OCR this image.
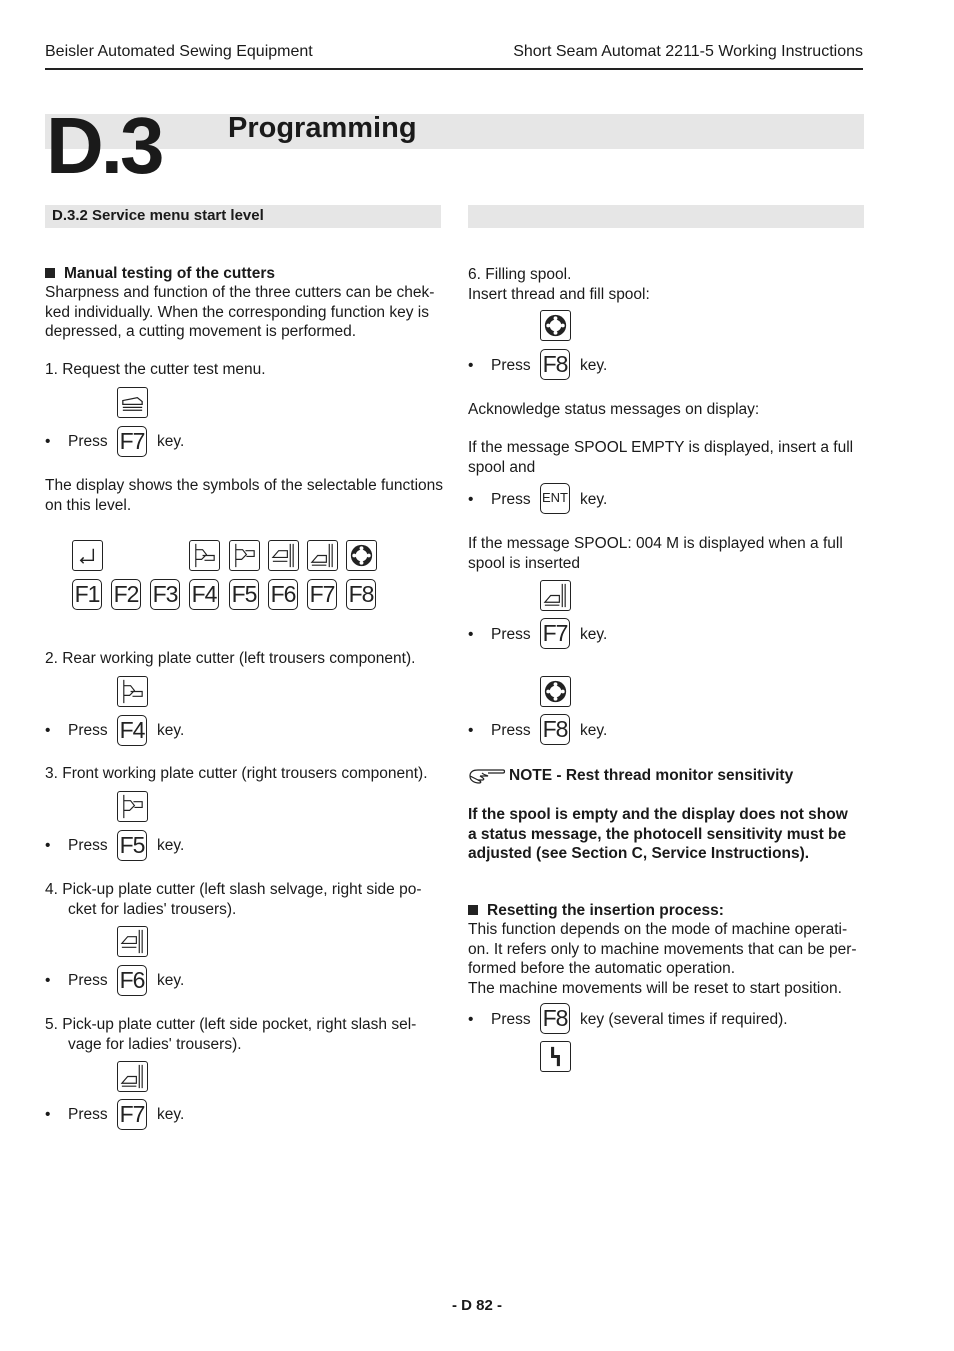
Beisler Automated Sewing Equipment	Short Seam Automat 2211-5 Working Instructions
D.3 Programming
D.3.2 Service menu start level
Manual testing of the cutters
Sharpness and function of the three cutters can be chek-
ked individually. When the corresponding function key is
depressed, a cutting movement is performed.
1. Request the cutter test menu.
• Press F7 key.
The display shows the symbols of the selectable functions
on this level.
F1 F2 F3 F4 F5 F6 F7 F8
2. Rear working plate cutter (left trousers component).
• Press F4 key.
3. Front working plate cutter (right trousers component).
• Press F5 key.
4. Pick-up plate cutter (left slash selvage, right side po-
cket for ladies' trousers).
• Press F6 key.
5. Pick-up plate cutter (left side pocket, right slash sel-
vage for ladies' trousers).
• Press F7 key.
6. Filling spool.
Insert thread and fill spool:
• Press F8 key.
Acknowledge status messages on display:
If the message SPOOL EMPTY is displayed, insert a full
spool and
• Press ENT key.
If the message SPOOL: 004 M is displayed when a full
spool is inserted
• Press F7 key.
• Press F8 key.
NOTE - Rest thread monitor sensitivity
If the spool is empty and the display does not show
a status message, the photocell sensitivity must be
adjusted (see Section C, Service Instructions).
Resetting the insertion process:
This function depends on the mode of machine operati-
on. It refers only to machine movements that can be per-
formed before the automatic operation.
The machine movements will be reset to start position.
• Press F8 key (several times if required).
- D 82 -
